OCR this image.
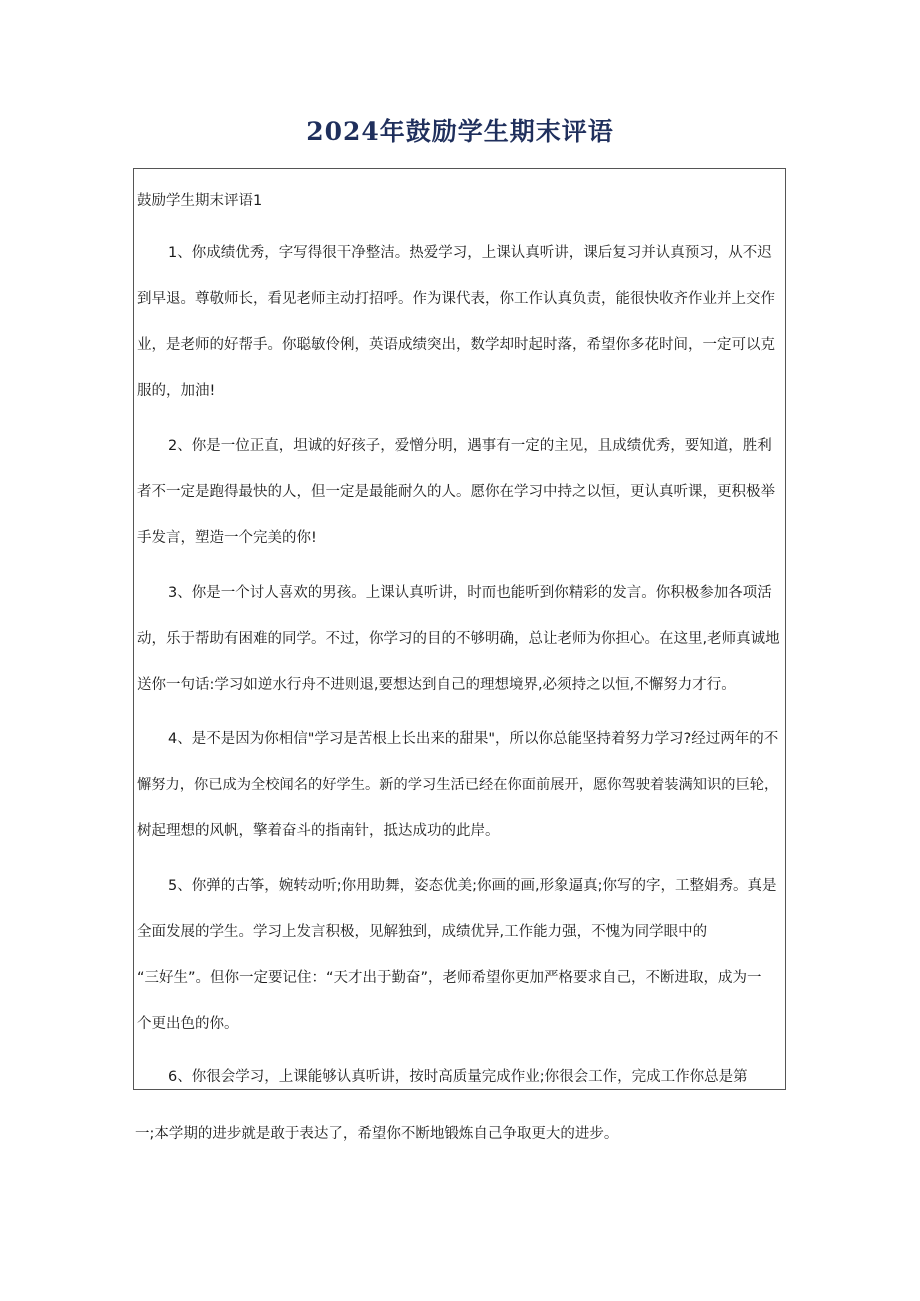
2024年鼓励学生期末评语
鼓励学生期末评语1
1、你成绩优秀，字写得很干净整洁。热爱学习，上课认真听讲，课后复习并认真预习，从不迟
到早退。尊敬师长，看见老师主动打招呼。作为课代表，你工作认真负责，能很快收齐作业并上交作
业，是老师的好帮手。你聪敏伶俐，英语成绩突出，数学却时起时落，希望你多花时间，一定可以克
服的，加油!
2、你是一位正直，坦诚的好孩子，爱憎分明，遇事有一定的主见，且成绩优秀，要知道，胜利
者不一定是跑得最快的人，但一定是最能耐久的人。愿你在学习中持之以恒，更认真听课，更积极举
手发言，塑造一个完美的你!
3、你是一个讨人喜欢的男孩。上课认真听讲，时而也能听到你精彩的发言。你积极参加各项活
动，乐于帮助有困难的同学。不过，你学习的目的不够明确，总让老师为你担心。在这里,老师真诚地
送你一句话:学习如逆水行舟不进则退,要想达到自己的理想境界,必须持之以恒,不懈努力才行。
4、是不是因为你相信"学习是苦根上长出来的甜果"，所以你总能坚持着努力学习?经过两年的不
懈努力，你已成为全校闻名的好学生。新的学习生活已经在你面前展开，愿你驾驶着装满知识的巨轮，
树起理想的风帆，擎着奋斗的指南针，抵达成功的此岸。
5、你弹的古筝，婉转动听;你用助舞，姿态优美;你画的画,形象逼真;你写的字，工整娟秀。真是
全面发展的学生。学习上发言积极，见解独到，成绩优异,工作能力强，不愧为同学眼中的
“三好生”。但你一定要记住：“天才出于勤奋”，老师希望你更加严格要求自己，不断进取，成为一
个更出色的你。
6、你很会学习，上课能够认真听讲，按时高质量完成作业;你很会工作，完成工作你总是第
一;本学期的进步就是敢于表达了，希望你不断地锻炼自己争取更大的进步。
